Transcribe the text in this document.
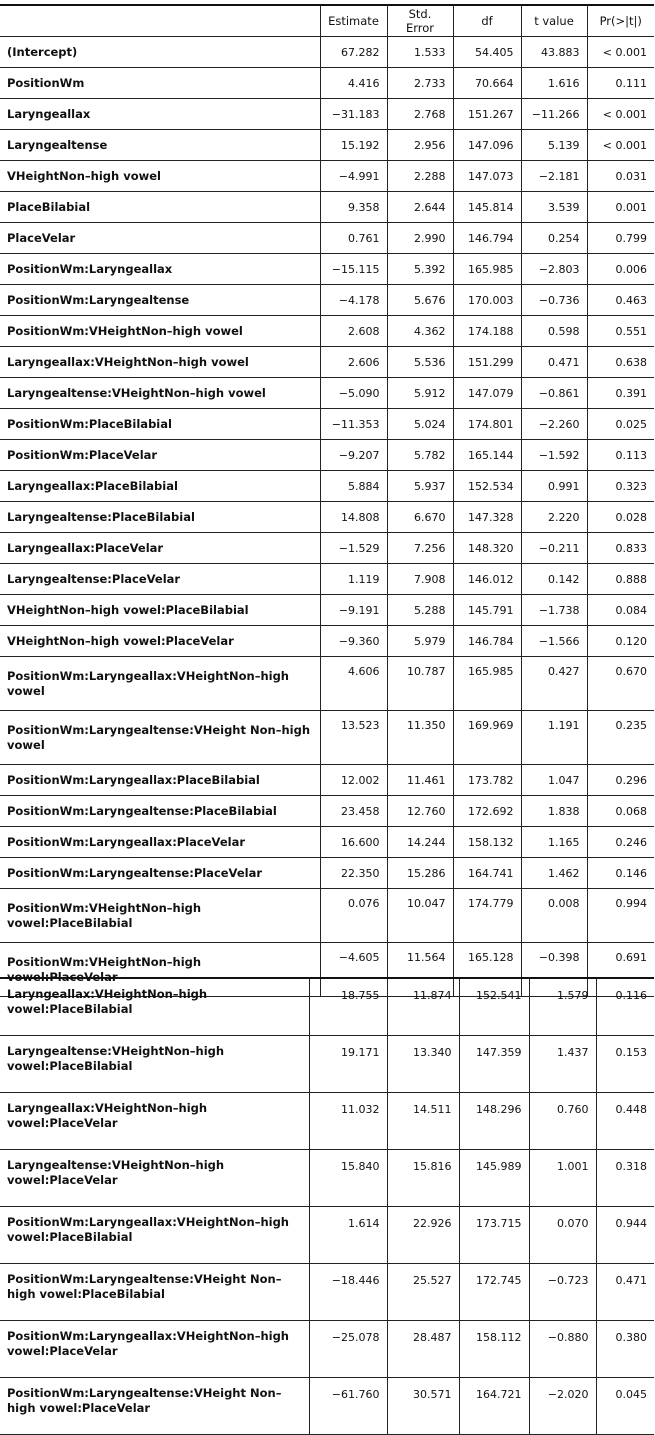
	Estimate	Std. Error	df	t value	Pr(>|t|)
(Intercept)	67.282	1.533	54.405	43.883	< 0.001
PositionWm	4.416	2.733	70.664	1.616	0.111
Laryngeallax	−31.183	2.768	151.267	−11.266	< 0.001
Laryngealtense	15.192	2.956	147.096	5.139	< 0.001
VHeightNon–high vowel	−4.991	2.288	147.073	−2.181	0.031
PlaceBilabial	9.358	2.644	145.814	3.539	0.001
PlaceVelar	0.761	2.990	146.794	0.254	0.799
PositionWm:Laryngeallax	−15.115	5.392	165.985	−2.803	0.006
PositionWm:Laryngealtense	−4.178	5.676	170.003	−0.736	0.463
PositionWm:VHeightNon–high vowel	2.608	4.362	174.188	0.598	0.551
Laryngeallax:VHeightNon–high vowel	2.606	5.536	151.299	0.471	0.638
Laryngealtense:VHeightNon–high vowel	−5.090	5.912	147.079	−0.861	0.391
PositionWm:PlaceBilabial	−11.353	5.024	174.801	−2.260	0.025
PositionWm:PlaceVelar	−9.207	5.782	165.144	−1.592	0.113
Laryngeallax:PlaceBilabial	5.884	5.937	152.534	0.991	0.323
Laryngealtense:PlaceBilabial	14.808	6.670	147.328	2.220	0.028
Laryngeallax:PlaceVelar	−1.529	7.256	148.320	−0.211	0.833
Laryngealtense:PlaceVelar	1.119	7.908	146.012	0.142	0.888
VHeightNon–high vowel:PlaceBilabial	−9.191	5.288	145.791	−1.738	0.084
VHeightNon–high vowel:PlaceVelar	−9.360	5.979	146.784	−1.566	0.120
PositionWm:Laryngeallax:VHeightNon–high vowel	4.606	10.787	165.985	0.427	0.670
PositionWm:Laryngealtense:VHeight Non–high vowel	13.523	11.350	169.969	1.191	0.235
PositionWm:Laryngeallax:PlaceBilabial	12.002	11.461	173.782	1.047	0.296
PositionWm:Laryngealtense:PlaceBilabial	23.458	12.760	172.692	1.838	0.068
PositionWm:Laryngeallax:PlaceVelar	16.600	14.244	158.132	1.165	0.246
PositionWm:Laryngealtense:PlaceVelar	22.350	15.286	164.741	1.462	0.146
PositionWm:VHeightNon–high vowel:PlaceBilabial	0.076	10.047	174.779	0.008	0.994
PositionWm:VHeightNon–high vowel:PlaceVelar	−4.605	11.564	165.128	−0.398	0.691
Laryngeallax:VHeightNon–high vowel:PlaceBilabial	18.755	11.874	152.541	1.579	0.116
Laryngealtense:VHeightNon–high vowel:PlaceBilabial	19.171	13.340	147.359	1.437	0.153
Laryngeallax:VHeightNon–high vowel:PlaceVelar	11.032	14.511	148.296	0.760	0.448
Laryngealtense:VHeightNon–high vowel:PlaceVelar	15.840	15.816	145.989	1.001	0.318
PositionWm:Laryngeallax:VHeightNon–high vowel:PlaceBilabial	1.614	22.926	173.715	0.070	0.944
PositionWm:Laryngealtense:VHeight Non–high vowel:PlaceBilabial	−18.446	25.527	172.745	−0.723	0.471
PositionWm:Laryngeallax:VHeightNon–high vowel:PlaceVelar	−25.078	28.487	158.112	−0.880	0.380
PositionWm:Laryngealtense:VHeight Non–high vowel:PlaceVelar	−61.760	30.571	164.721	−2.020	0.045
